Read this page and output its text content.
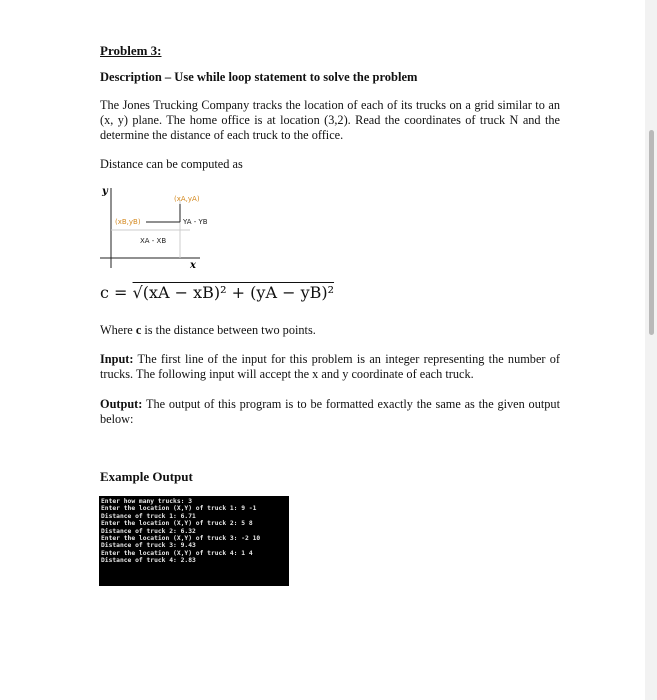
Problem 3:
Description – Use while loop statement to solve the problem
The Jones Trucking Company tracks the location of each of its trucks on a grid similar to an (x, y) plane. The home office is at location (3,2). Read the coordinates of truck N and the determine the distance of each truck to the office.
Distance can be computed as
y
x
(xA,yA)
(xB,yB)	YA - YB
XA - XB
c = √(xA − xB)² + (yA − yB)²
Where c is the distance between two points.
Input: The first line of the input for this problem is an integer representing the number of trucks. The following input will accept the x and y coordinate of each truck.
Output: The output of this program is to be formatted exactly the same as the given output below:
Example Output
Enter how many trucks: 3
Enter the location (X,Y) of truck 1: 9 -1
Distance of truck 1: 6.71
Enter the location (X,Y) of truck 2: 5 8
Distance of truck 2: 6.32
Enter the location (X,Y) of truck 3: -2 10
Distance of truck 3: 9.43
Enter the location (X,Y) of truck 4: 1 4
Distance of truck 4: 2.83
